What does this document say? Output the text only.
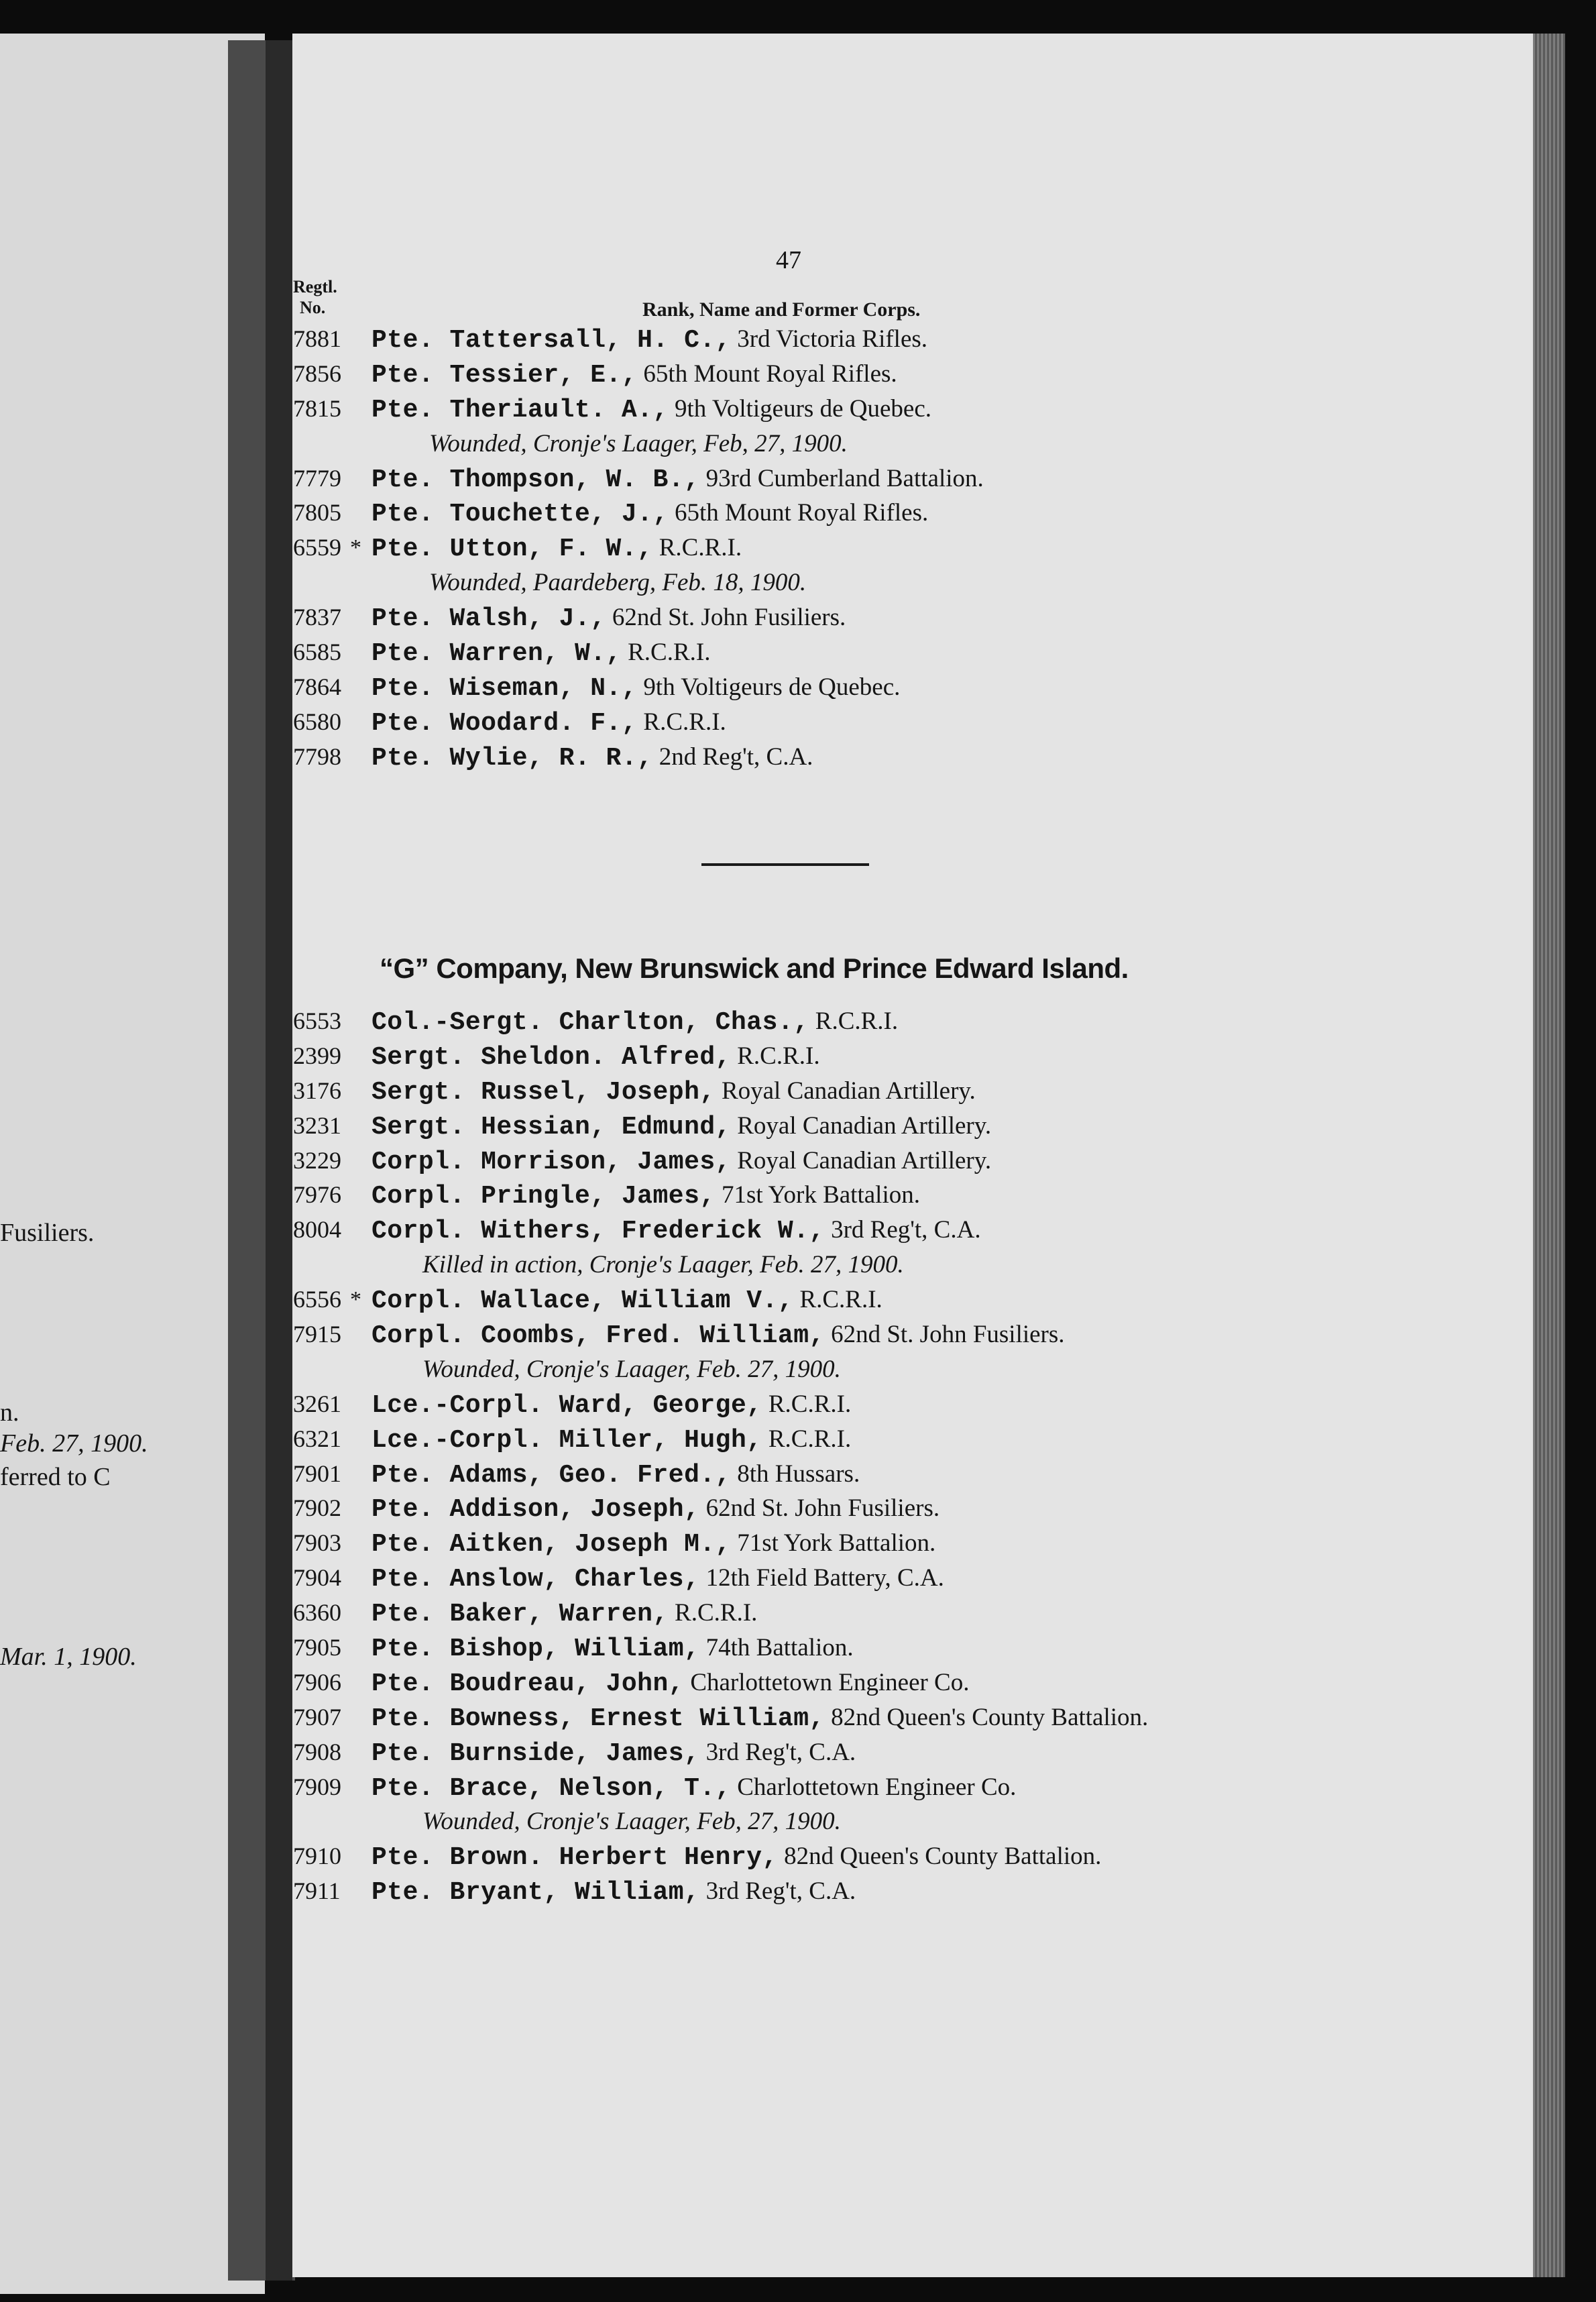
Fusiliers.
n.
Feb. 27, 1900.
ferred to C
Mar. 1, 1900.
47
Regtl.
No.	Rank, Name and Former Corps.
7881 Pte. Tattersall, H. C., 3rd Victoria Rifles.
7856 Pte. Tessier, E., 65th Mount Royal Rifles.
7815 Pte. Theriault. A., 9th Voltigeurs de Quebec.
Wounded, Cronje's Laager, Feb, 27, 1900.
7779 Pte. Thompson, W. B., 93rd Cumberland Battalion.
7805 Pte. Touchette, J., 65th Mount Royal Rifles.
6559 * Pte. Utton, F. W., R.C.R.I.
Wounded, Paardeberg, Feb. 18, 1900.
7837 Pte. Walsh, J., 62nd St. John Fusiliers.
6585 Pte. Warren, W., R.C.R.I.
7864 Pte. Wiseman, N., 9th Voltigeurs de Quebec.
6580 Pte. Woodard. F., R.C.R.I.
7798 Pte. Wylie, R. R., 2nd Reg't, C.A.
“G” Company, New Brunswick and Prince Edward Island.
6553 Col.-Sergt. Charlton, Chas., R.C.R.I.
2399 Sergt. Sheldon. Alfred, R.C.R.I.
3176 Sergt. Russel, Joseph, Royal Canadian Artillery.
3231 Sergt. Hessian, Edmund, Royal Canadian Artillery.
3229 Corpl. Morrison, James, Royal Canadian Artillery.
7976 Corpl. Pringle, James, 71st York Battalion.
8004 Corpl. Withers, Frederick W., 3rd Reg't, C.A.
Killed in action, Cronje's Laager, Feb. 27, 1900.
6556 * Corpl. Wallace, William V., R.C.R.I.
7915 Corpl. Coombs, Fred. William, 62nd St. John Fusiliers.
Wounded, Cronje's Laager, Feb. 27, 1900.
3261 Lce.-Corpl. Ward, George, R.C.R.I.
6321 Lce.-Corpl. Miller, Hugh, R.C.R.I.
7901 Pte. Adams, Geo. Fred., 8th Hussars.
7902 Pte. Addison, Joseph, 62nd St. John Fusiliers.
7903 Pte. Aitken, Joseph M., 71st York Battalion.
7904 Pte. Anslow, Charles, 12th Field Battery, C.A.
6360 Pte. Baker, Warren, R.C.R.I.
7905 Pte. Bishop, William, 74th Battalion.
7906 Pte. Boudreau, John, Charlottetown Engineer Co.
7907 Pte. Bowness, Ernest William, 82nd Queen's County Battalion.
7908 Pte. Burnside, James, 3rd Reg't, C.A.
7909 Pte. Brace, Nelson, T., Charlottetown Engineer Co.
Wounded, Cronje's Laager, Feb, 27, 1900.
7910 Pte. Brown. Herbert Henry, 82nd Queen's County Battalion.
7911 Pte. Bryant, William, 3rd Reg't, C.A.
